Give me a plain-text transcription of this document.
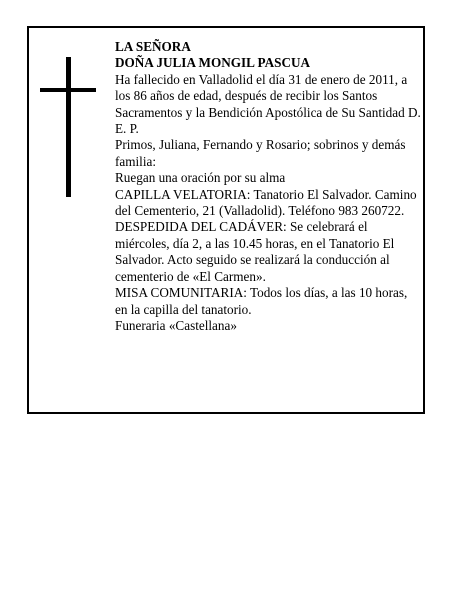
LA SEÑORA

DOÑA JULIA MONGIL PASCUA

Ha fallecido en Valladolid el día 31 de enero de 2011, a los 86 años de edad, después de recibir los Santos Sacramentos y la Bendición Apostólica de Su Santidad D. E. P.

Primos, Juliana, Fernando y Rosario; sobrinos y demás familia:

Ruegan una oración por su alma

CAPILLA VELATORIA: Tanatorio El Salvador. Camino del Cementerio, 21 (Valladolid). Teléfono 983 260722.

DESPEDIDA DEL CADÁVER: Se celebrará el miércoles, día 2, a las 10.45 horas, en el Tanatorio El Salvador. Acto seguido se realizará la conducción al cementerio de «El Carmen».

MISA COMUNITARIA: Todos los días, a las 10 horas, en la capilla del tanatorio.

Funeraria «Castellana»
